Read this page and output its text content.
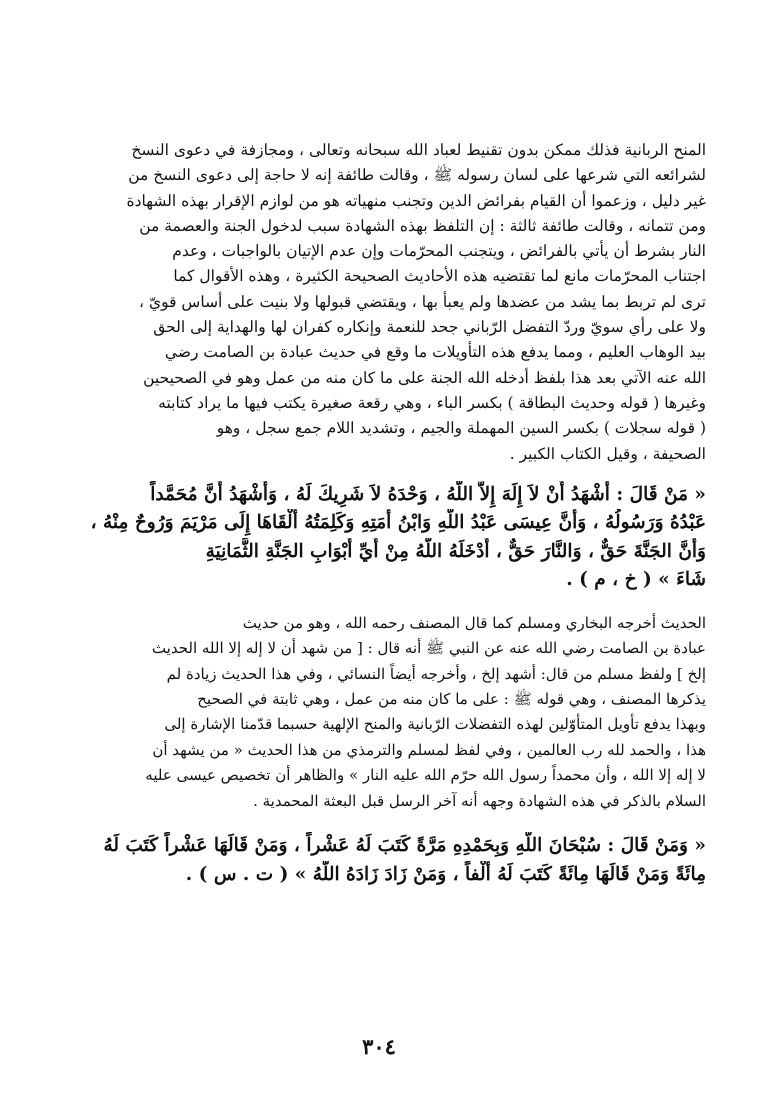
المنح الربانية فذلك ممكن بدون تقنيط لعباد الله سبحانه وتعالى ، ومجازفة في دعوى النسخ
لشرائعه التي شرعها على لسان رسوله ﷺ ، وقالت طائفة إنه لا حاجة إلى دعوى النسخ من
غير دليل ، وزعموا أن القيام بفرائض الدين وتجنب منهياته هو من لوازم الإقرار بهذه الشهادة
ومن تتمانه ، وقالت طائفة ثالثة : إن التلفظ بهذه الشهادة سبب لدخول الجنة والعصمة من
النار بشرط أن يأتي بالفرائض ، ويتجنب المحرّمات وإن عدم الإتيان بالواجبات ، وعدم
اجتناب المحرّمات مانع لما تقتضيه هذه الأحاديث الصحيحة الكثيرة ، وهذه الأقوال كما
ترى لم تربط بما يشد من عضدها ولم يعبأ بها ، ويقتضي قبولها ولا بنيت على أساس قويّ ،
ولا على رأي سويّ وردّ التفضل الرّباني جحد للنعمة وإنكاره كفران لها والهداية إلى الحق
بيد الوهاب العليم ، ومما يدفع هذه التأويلات ما وقع في حديث عبادة بن الصامت رضي
الله عنه الآتي بعد هذا بلفظ أدخله الله الجنة على ما كان منه من عمل وهو في الصحيحين
وغيرها ( قوله وحديث البطاقة ) بكسر الباء ، وهي رقعة صغيرة يكتب فيها ما يراد كتابته
( قوله سجلات ) بكسر السين المهملة والجيم ، وتشديد اللام جمع سجل ، وهو
الصحيفة ، وقيل الكتاب الكبير .
« مَنْ قَالَ : أَشْهَدُ أَنْ لاَ إِلَهَ إِلاَّ اللَّهُ ، وَحْدَهُ لاَ شَرِيكَ لَهُ ، وَأَشْهَدُ أَنَّ مُحَمَّداً
عَبْدُهُ وَرَسُولُهُ ، وَأَنَّ عِيسَى عَبْدُ اللَّهِ وَابْنُ أَمَتِهِ وَكَلِمَتُهُ أَلْقَاهَا إِلَى مَرْيَمَ وَرُوحٌ مِنْهُ ،
وَأَنَّ الجَنَّةَ حَقٌّ ، وَالنَّارَ حَقٌّ ، أَدْخَلَهُ اللَّهُ مِنْ أَيِّ أَبْوَابِ الجَنَّةِ الثَّمَانِيَةِ
شَاءَ » ( خ ، م ) .
الحديث أخرجه البخاري ومسلم كما قال المصنف رحمه الله ، وهو من حديث
عبادة بن الصامت رضي الله عنه عن النبي ﷺ أنه قال : [ من شهد أن لا إله إلا الله الحديث
إلخ ] ولفظ مسلم من قال: أشهد إلخ ، وأخرجه أيضاً النسائي ، وفي هذا الحديث زيادة لم
يذكرها المصنف ، وهي قوله ﷺ : على ما كان منه من عمل ، وهي ثابتة في الصحيح
وبهذا يدفع تأويل المتأوّلين لهذه التفضلات الرّبانية والمنح الإلهية حسبما قدّمنا الإشارة إلى
هذا ، والحمد لله رب العالمين ، وفي لفظ لمسلم والترمذي من هذا الحديث « من يشهد أن
لا إله إلا الله ، وأن محمداً رسول الله حرّم الله عليه النار » والظاهر أن تخصيص عيسى عليه
السلام بالذكر في هذه الشهادة وجهه أنه آخر الرسل قبل البعثة المحمدية .
« وَمَنْ قَالَ : سُبْحَانَ اللَّهِ وَبِحَمْدِهِ مَرَّةً كَتَبَ لَهُ عَشْراً ، وَمَنْ قَالَهَا عَشْراً كَتَبَ لَهُ
مِائَةً وَمَنْ قَالَهَا مِائَةً كَتَبَ لَهُ أَلْفاً ، وَمَنْ زَادَ زَادَهُ اللَّهُ » ( ت . س ) .
٣٠٤
